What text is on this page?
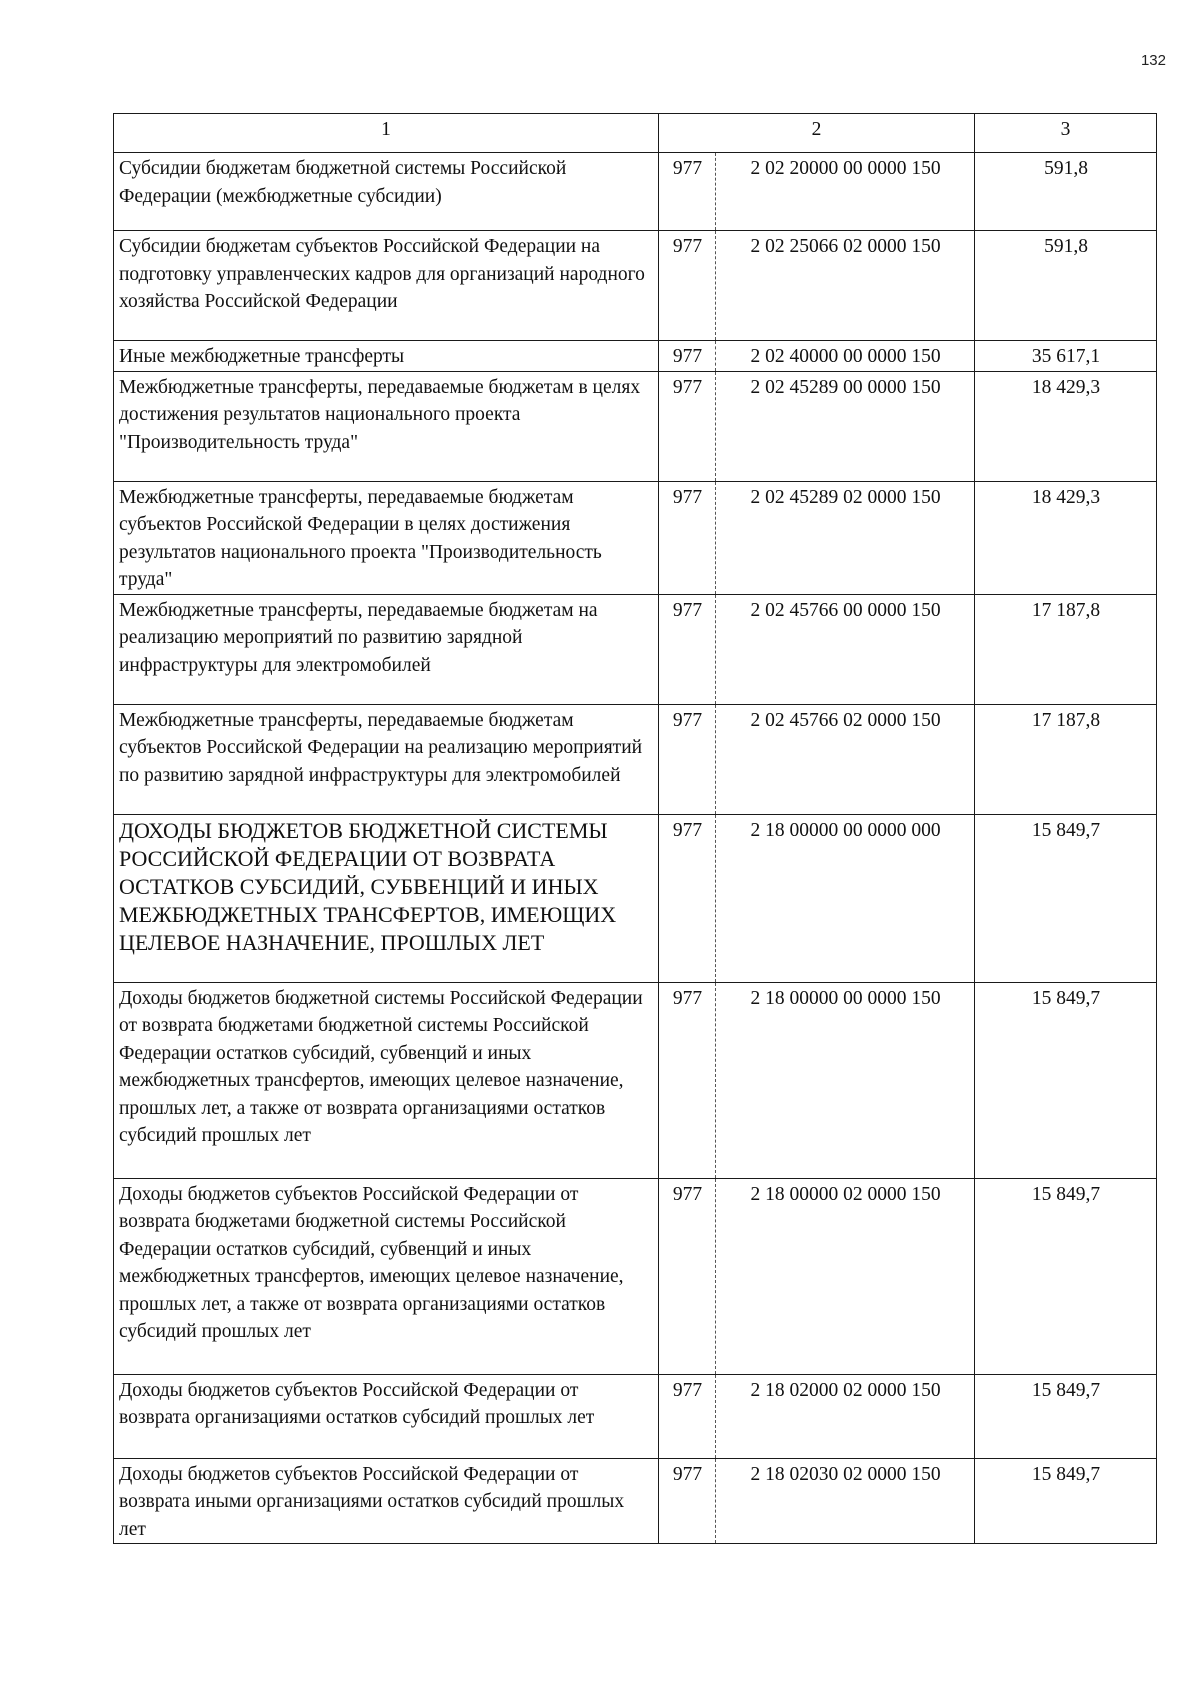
132
1	2		3
Субсидии бюджетам бюджетной системы Российской Федерации (межбюджетные субсидии)	977	2 02 20000 00 0000 150	591,8
Субсидии бюджетам субъектов Российской Федерации на подготовку управленческих кадров для организаций народного хозяйства Российской Федерации	977	2 02 25066 02 0000 150	591,8
Иные межбюджетные трансферты	977	2 02 40000 00 0000 150	35 617,1
Межбюджетные трансферты, передаваемые бюджетам в целях достижения результатов национального проекта "Производительность труда"	977	2 02 45289 00 0000 150	18 429,3
Межбюджетные трансферты, передаваемые бюджетам субъектов Российской Федерации в целях достижения результатов национального проекта "Производительность труда"	977	2 02 45289 02 0000 150	18 429,3
Межбюджетные трансферты, передаваемые бюджетам на реализацию мероприятий по развитию зарядной инфраструктуры для электромобилей	977	2 02 45766 00 0000 150	17 187,8
Межбюджетные трансферты, передаваемые бюджетам субъектов Российской Федерации на реализацию мероприятий по развитию зарядной инфраструктуры для электромобилей	977	2 02 45766 02 0000 150	17 187,8
ДОХОДЫ БЮДЖЕТОВ БЮДЖЕТНОЙ СИСТЕМЫ РОССИЙСКОЙ ФЕДЕРАЦИИ ОТ ВОЗВРАТА ОСТАТКОВ СУБСИДИЙ, СУБВЕНЦИЙ И ИНЫХ МЕЖБЮДЖЕТНЫХ ТРАНСФЕРТОВ, ИМЕЮЩИХ ЦЕЛЕВОЕ НАЗНАЧЕНИЕ, ПРОШЛЫХ ЛЕТ	977	2 18 00000 00 0000 000	15 849,7
Доходы бюджетов бюджетной системы Российской Федерации от возврата бюджетами бюджетной системы Российской Федерации остатков субсидий, субвенций и иных межбюджетных трансфертов, имеющих целевое назначение, прошлых лет, а также от возврата организациями остатков субсидий прошлых лет	977	2 18 00000 00 0000 150	15 849,7
Доходы бюджетов субъектов Российской Федерации от возврата бюджетами бюджетной системы Российской Федерации остатков субсидий, субвенций и иных межбюджетных трансфертов, имеющих целевое назначение, прошлых лет, а также от возврата организациями остатков субсидий прошлых лет	977	2 18 00000 02 0000 150	15 849,7
Доходы бюджетов субъектов Российской Федерации от возврата организациями остатков субсидий прошлых лет	977	2 18 02000 02 0000 150	15 849,7
Доходы бюджетов субъектов Российской Федерации от возврата иными организациями остатков субсидий прошлых лет	977	2 18 02030 02 0000 150	15 849,7
